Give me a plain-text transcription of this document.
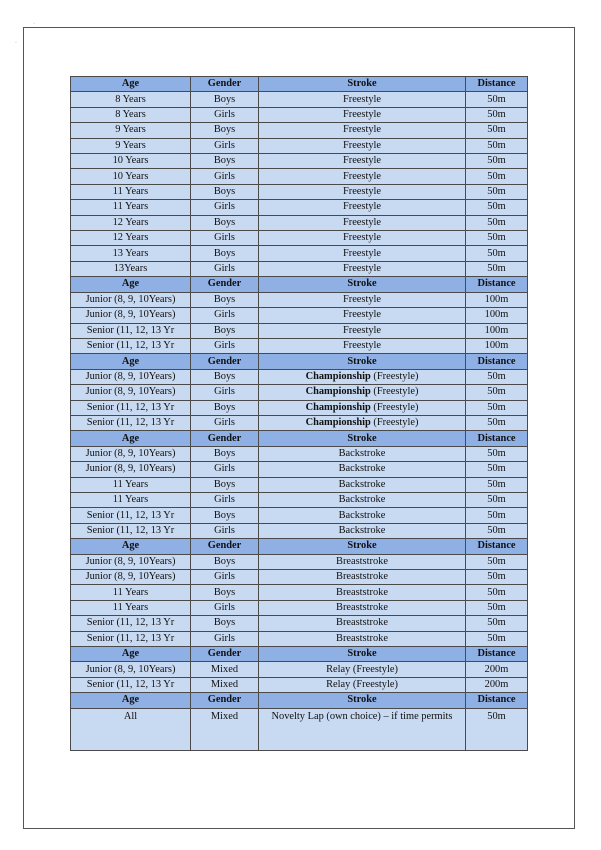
·
·
Age	Gender	Stroke	Distance
8 Years	Boys	Freestyle	50m
8 Years	Girls	Freestyle	50m
9 Years	Boys	Freestyle	50m
9 Years	Girls	Freestyle	50m
10 Years	Boys	Freestyle	50m
10 Years	Girls	Freestyle	50m
11 Years	Boys	Freestyle	50m
11 Years	Girls	Freestyle	50m
12 Years	Boys	Freestyle	50m
12 Years	Girls	Freestyle	50m
13 Years	Boys	Freestyle	50m
13Years	Girls	Freestyle	50m
Age	Gender	Stroke	Distance
Junior (8, 9, 10Years)	Boys	Freestyle	100m
Junior (8, 9, 10Years)	Girls	Freestyle	100m
Senior (11, 12, 13 Yr	Boys	Freestyle	100m
Senior (11, 12, 13 Yr	Girls	Freestyle	100m
Age	Gender	Stroke	Distance
Junior (8, 9, 10Years)	Boys	Championship (Freestyle)	50m
Junior (8, 9, 10Years)	Girls	Championship (Freestyle)	50m
Senior (11, 12, 13 Yr	Boys	Championship (Freestyle)	50m
Senior (11, 12, 13 Yr	Girls	Championship (Freestyle)	50m
Age	Gender	Stroke	Distance
Junior (8, 9, 10Years)	Boys	Backstroke	50m
Junior (8, 9, 10Years)	Girls	Backstroke	50m
11 Years	Boys	Backstroke	50m
11 Years	Girls	Backstroke	50m
Senior (11, 12, 13 Yr	Boys	Backstroke	50m
Senior (11, 12, 13 Yr	Girls	Backstroke	50m
Age	Gender	Stroke	Distance
Junior (8, 9, 10Years)	Boys	Breaststroke	50m
Junior (8, 9, 10Years)	Girls	Breaststroke	50m
11 Years	Boys	Breaststroke	50m
11 Years	Girls	Breaststroke	50m
Senior (11, 12, 13 Yr	Boys	Breaststroke	50m
Senior (11, 12, 13 Yr	Girls	Breaststroke	50m
Age	Gender	Stroke	Distance
Junior (8, 9, 10Years)	Mixed	Relay (Freestyle)	200m
Senior (11, 12, 13 Yr	Mixed	Relay (Freestyle)	200m
Age	Gender	Stroke	Distance
All	Mixed	Novelty Lap (own choice) – if time permits	50m
